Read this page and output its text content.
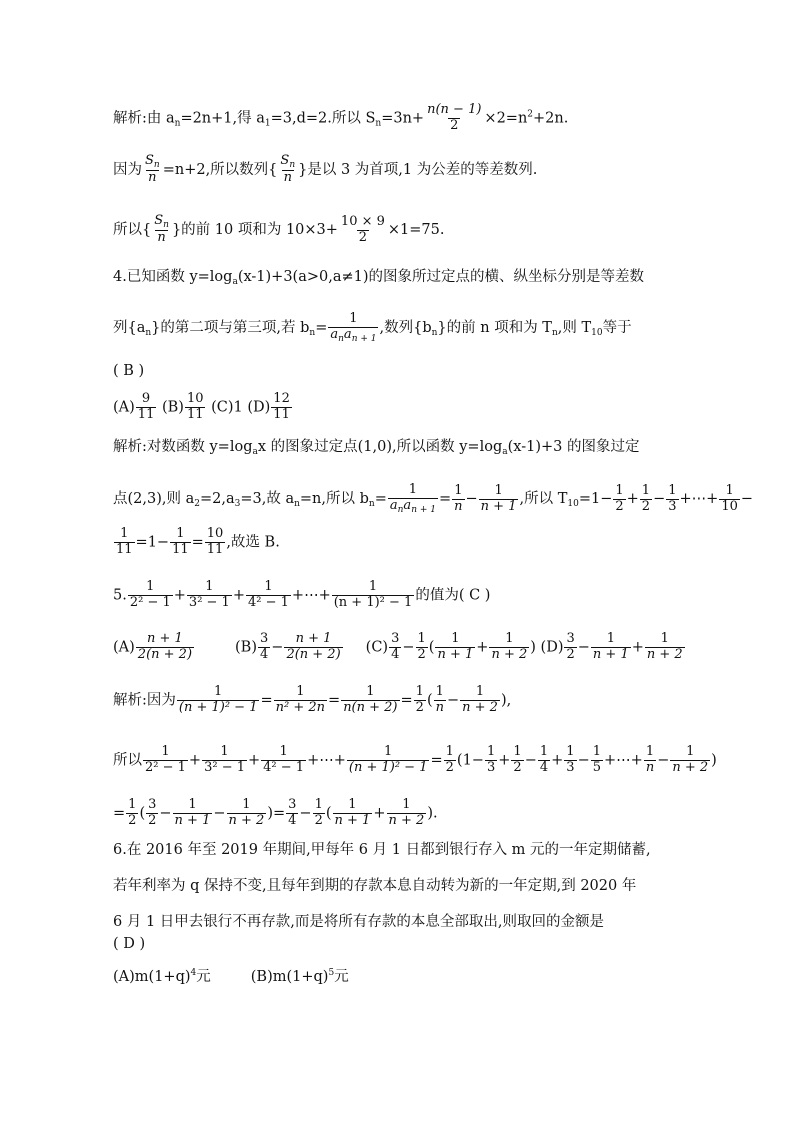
解析:由 $a_n=2n+1$,得 $a_1=3,d=2$.所以 $S_n=3n+ \frac{n(n - 1)}{2} \times 2=n^2+2n$.
因为 $\frac{S_n}{n} =n+2$,所以数列{ $\frac{S_n}{n}$ }是以 3 为首项,1 为公差的等差数列.
所以{ $\frac{S_n}{n}$ }的前 10 项和为 $10\times 3+ \frac{10 \times 9}{2} \times 1=75$.
4.已知函数 $y=\log_a(x-1)+3(a>0,a\ne 1)$的图象所过定点的横、纵坐标分别是等差数
列$\{a_n\}$的第二项与第三项,若 $b_n= \frac{1}{a_na_{n + 1}}$ ,数列$\{b_n\}$的前 n 项和为 $T_n$,则 $T_{10}$等于
( B )
$(A) \frac{9}{11} (B) \frac{10}{11} (C)1$ $(D) \frac{12}{11}$
解析:对数函数 $y=\log_ax$ 的图象过定点(1,0),所以函数 $y=\log_a(x-1)+3$ 的图象过定
点(2,3),则 $a_2=2,a_3=3$,故 $a_n=n$,所以 $b_n= \frac{1}{a_na_{n + 1}} = \frac{1}{n} - \frac{1}{n + 1}$ ,所以 $T_{10}=1- \frac{1}{2} + \frac{1}{2} - \frac{1}{3}$ +⋯+ $\frac{1}{10}$ −
$\frac{1}{11} =1- \frac{1}{11} = \frac{10}{11}$ ,故选 B.
5. $\frac{1}{\text{2² − 1}} + \frac{1}{\text{3² − 1}} + \frac{1}{\text{4² − 1}}$ +⋯+ $\frac{1}{\text{(n + 1)² − 1}}$ 的值为( C )
$(A) \frac{n + 1}{2(n + 2)}$	$(B) \frac{3}{4} - \frac{n + 1}{2(n + 2)} (C) \frac{3}{4} - \frac{1}{2}$ ( $\frac{1}{n + 1} + \frac{1}{n + 2}$ ) $(D) \frac{3}{2} - \frac{1}{n + 1} + \frac{1}{n + 2}$
解析:因为 $\frac{1}{\text{(n + 1)² − 1}} = \frac{1}{\text{n² + 2n}} = \frac{1}{n(n + 2)} = \frac{1}{2}$ ( $\frac{1}{n} - \frac{1}{n + 2}$ ),
所以 $\frac{1}{\text{2² − 1}} + \frac{1}{\text{3² − 1}} + \frac{1}{\text{4² − 1}}$ +⋯+ $\frac{1}{\text{(n + 1)² − 1}} = \frac{1}{2} (1- \frac{1}{3} + \frac{1}{2} - \frac{1}{4} + \frac{1}{3} - \frac{1}{5}$ +⋯+ $\frac{1}{n} - \frac{1}{n + 2}$ )
= $\frac{1}{2}$ ( $\frac{3}{2} - \frac{1}{n + 1} - \frac{1}{n + 2}$ )= $\frac{3}{4} - \frac{1}{2}$ ( $\frac{1}{n + 1} + \frac{1}{n + 2}$ ).
6.在 2016 年至 2019 年期间,甲每年 6 月 1 日都到银行存入 m 元的一年定期储蓄,
若年利率为 q 保持不变,且每年到期的存款本息自动转为新的一年定期,到 2020 年
6 月 1 日甲去银行不再存款,而是将所有存款的本息全部取出,则取回的金额是
( D )
$(A)m(1+q)^4$元	$(B)m(1+q)^5$元
